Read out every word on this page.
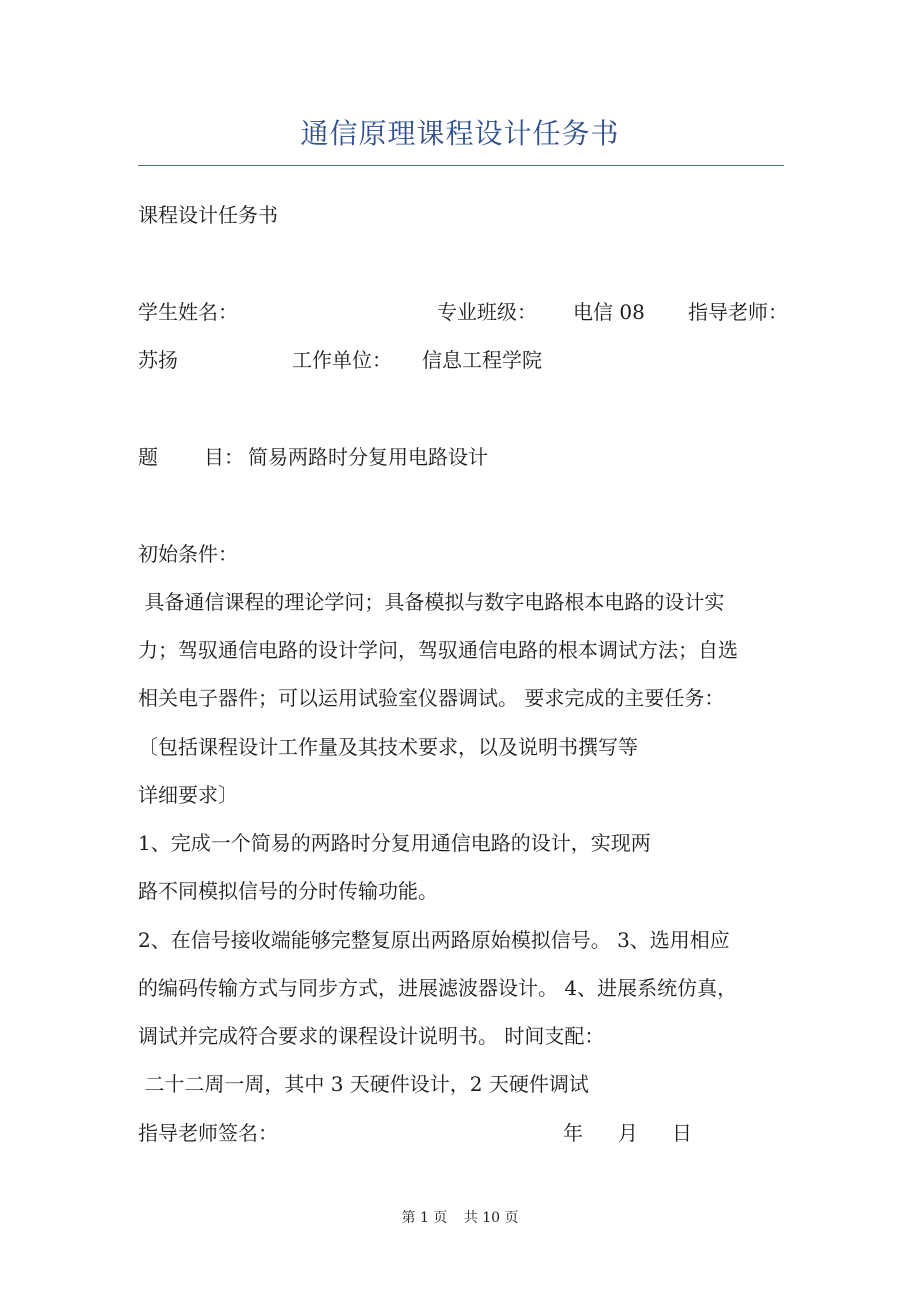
通信原理课程设计任务书
课程设计任务书
学生姓名：	专业班级： 电信 08 指导老师：
苏扬	工作单位： 信息工程学院
题 目： 简易两路时分复用电路设计
初始条件：
具备通信课程的理论学问；具备模拟与数字电路根本电路的设计实
力；驾驭通信电路的设计学问，驾驭通信电路的根本调试方法；自选
相关电子器件；可以运用试验室仪器调试。 要求完成的主要任务：
〔包括课程设计工作量及其技术要求，以及说明书撰写等
详细要求〕
1、完成一个简易的两路时分复用通信电路的设计，实现两
路不同模拟信号的分时传输功能。
2、在信号接收端能够完整复原出两路原始模拟信号。 3、选用相应
的编码传输方式与同步方式，进展滤波器设计。 4、进展系统仿真，
调试并完成符合要求的课程设计说明书。 时间支配：
二十二周一周，其中 3 天硬件设计，2 天硬件调试
指导老师签名：	年 月 日
第 1 页 共 10 页
